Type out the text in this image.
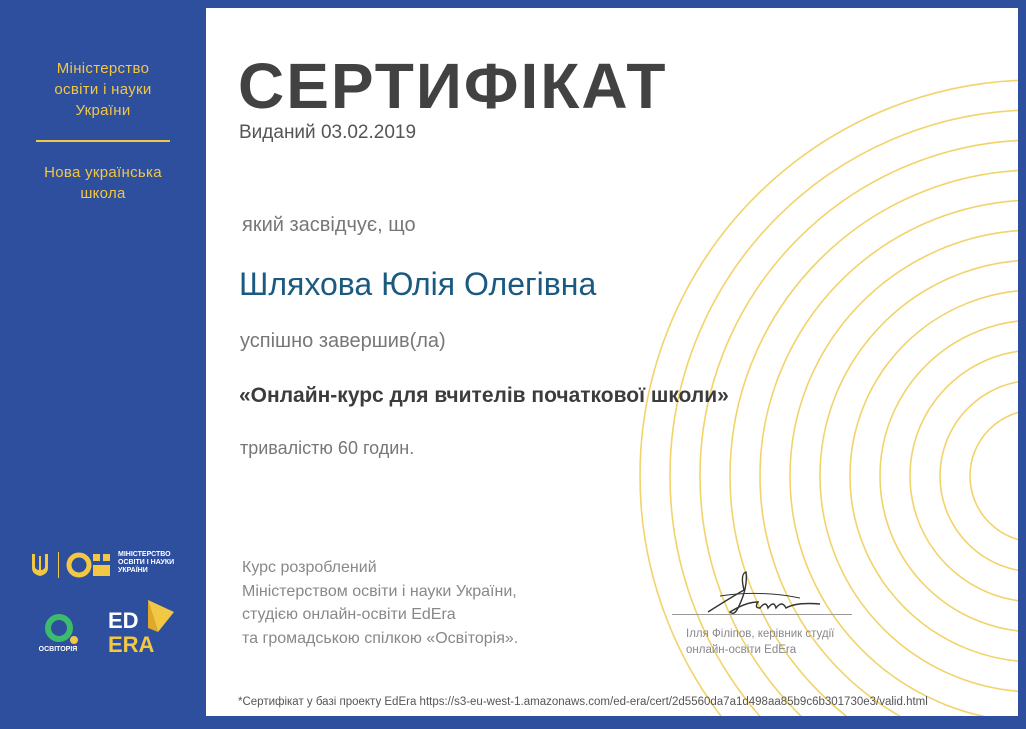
Міністерство
освіти і науки
України
Нова українська
школа
МІНІСТЕРСТВО
ОСВІТИ І НАУКИ
УКРАЇНИ
ОСВІТОРІЯ
ED
ERA
СЕРТИФІКАТ
Виданий 03.02.2019
який засвідчує, що
Шляхова Юлія Олегівна
успішно завершив(ла)
«Онлайн-курс для вчителів початкової школи»
тривалістю 60 годин.
Курс розроблений
Міністерством освіти і науки України,
студією онлайн-освіти EdEra
та громадською спілкою «Освіторія».	Ілля Філіпов, керівник студії
онлайн-освіти EdEra
*Сертифікат у базі проекту EdEra https://s3-eu-west-1.amazonaws.com/ed-era/cert/2d5560da7a1d498aa85b9c6b301730e3/valid.html
